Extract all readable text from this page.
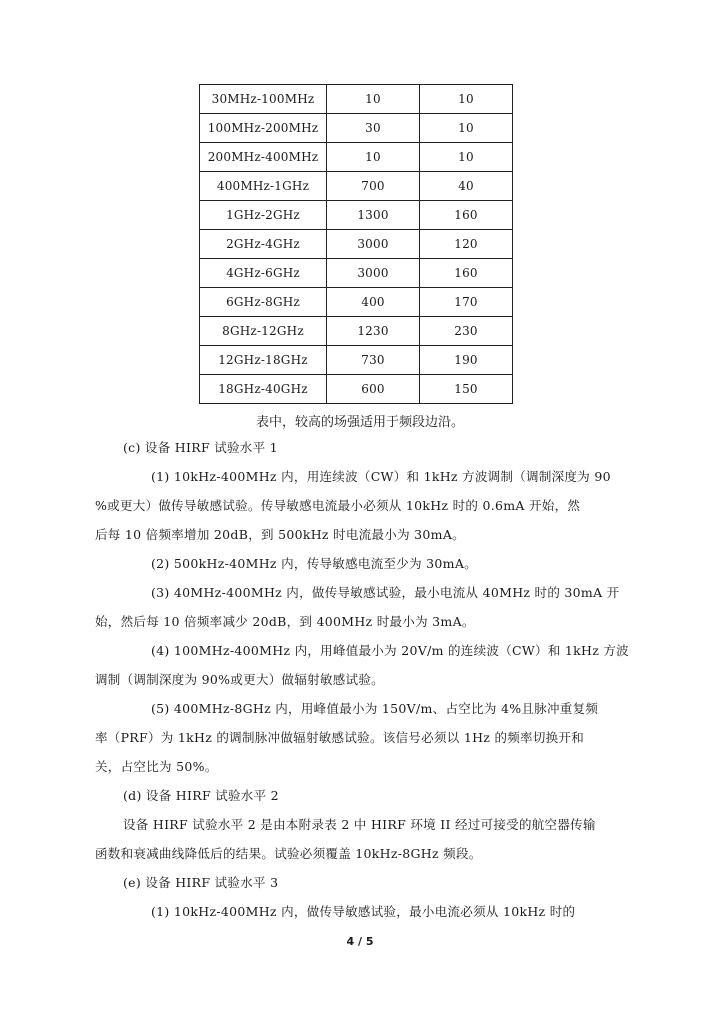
30MHz-100MHz	10	10
100MHz-200MHz	30	10
200MHz-400MHz	10	10
400MHz-1GHz	700	40
1GHz-2GHz	1300	160
2GHz-4GHz	3000	120
4GHz-6GHz	3000	160
6GHz-8GHz	400	170
8GHz-12GHz	1230	230
12GHz-18GHz	730	190
18GHz-40GHz	600	150
表中，较高的场强适用于频段边沿。
(c) 设备 HIRF 试验水平 1
(1) 10kHz-400MHz 内，用连续波（CW）和 1kHz 方波调制（调制深度为 90
%或更大）做传导敏感试验。传导敏感电流最小必须从 10kHz 时的 0.6mA 开始，然
后每 10 倍频率增加 20dB，到 500kHz 时电流最小为 30mA。
(2) 500kHz-40MHz 内，传导敏感电流至少为 30mA。
(3) 40MHz-400MHz 内，做传导敏感试验，最小电流从 40MHz 时的 30mA 开
始，然后每 10 倍频率减少 20dB，到 400MHz 时最小为 3mA。
(4) 100MHz-400MHz 内，用峰值最小为 20V/m 的连续波（CW）和 1kHz 方波
调制（调制深度为 90%或更大）做辐射敏感试验。
(5) 400MHz-8GHz 内，用峰值最小为 150V/m、占空比为 4%且脉冲重复频
率（PRF）为 1kHz 的调制脉冲做辐射敏感试验。该信号必须以 1Hz 的频率切换开和
关，占空比为 50%。
(d) 设备 HIRF 试验水平 2
设备 HIRF 试验水平 2 是由本附录表 2 中 HIRF 环境 II 经过可接受的航空器传输
函数和衰减曲线降低后的结果。试验必须覆盖 10kHz-8GHz 频段。
(e) 设备 HIRF 试验水平 3
(1) 10kHz-400MHz 内，做传导敏感试验，最小电流必须从 10kHz 时的
4 / 5
